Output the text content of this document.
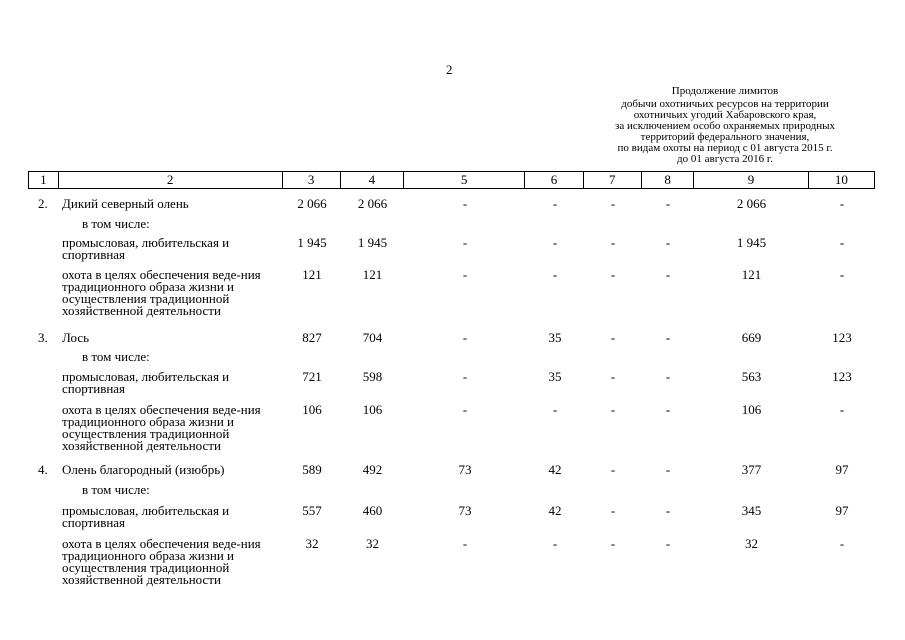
2
Продолжение лимитов
добычи охотничьих ресурсов на территории
охотничьих угодий Хабаровского края,
за исключением особо охраняемых природных
территорий федерального значения,
по видам охоты на период с 01 августа 2015 г.
до 01 августа 2016 г.
1	2	3	4	5	6	7	8	9	10
2. Дикий северный олень	2 066	2 066	-	-	-	-	2 066	-
в том числе:
промысловая, любительская и спортивная
1 945	1 945	-	-	-	-	1 945	-
охота в целях обеспечения веде-ния традиционного образа жизни и осуществления традиционной хозяйственной деятельности
121	121	-	-	-	-	121	-
3. Лось	827	704	-	35	-	-	669	123
в том числе:
промысловая, любительская и спортивная
721	598	-	35	-	-	563	123
охота в целях обеспечения веде-ния традиционного образа жизни и осуществления традиционной хозяйственной деятельности
106	106	-	-	-	-	106	-
4. Олень благородный (изюбрь)	589	492	73	42	-	-	377	97
в том числе:
промысловая, любительская и спортивная
557	460	73	42	-	-	345	97
охота в целях обеспечения веде-ния традиционного образа жизни и осуществления традиционной хозяйственной деятельности
32	32	-	-	-	-	32	-
